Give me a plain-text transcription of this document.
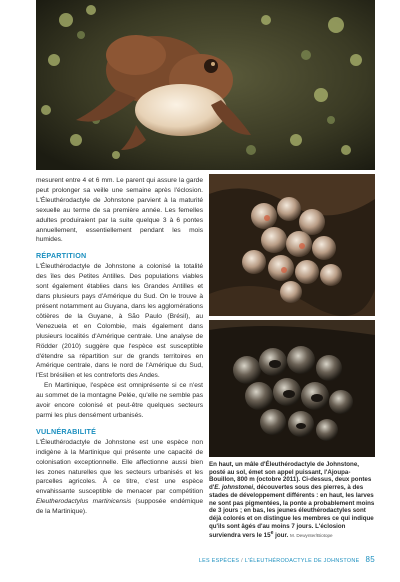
mesurent entre 4 et 6 mm. Le parent qui assure la garde peut prolonger sa veille une semaine après l'éclosion. L'Éleuthérodactyle de Johnstone parvient à la maturité sexuelle au terme de sa première année. Les femelles adultes produiraient par la suite quelque 3 à 6 pontes annuellement, essentiellement pendant les mois humides.

RÉPARTITION

L'Éleuthérodactyle de Johnstone a colonisé la totalité des îles des Petites Antilles. Des populations viables sont également établies dans les Grandes Antilles et dans plusieurs pays d'Amérique du Sud. On le trouve à présent notamment au Guyana, dans les agglomérations côtières de la Guyane, à São Paulo (Brésil), au Venezuela et en Colombie, mais également dans plusieurs localités d'Amérique centrale. Une analyse de Rödder (2010) suggère que l'espèce est susceptible d'étendre sa répartition sur de grands territoires en Amérique centrale, dans le nord de l'Amérique du Sud, l'Est brésilien et les contreforts des Andes.

En Martinique, l'espèce est omniprésente si ce n'est au sommet de la montagne Pelée, qu'elle ne semble pas avoir encore colonisé et peut-être quelques secteurs parmi les plus densément urbanisés.

VULNÉRABILITÉ

L'Éleuthérodactyle de Johnstone est une espèce non indigène à la Martinique qui présente une capacité de colonisation exceptionnelle. Elle affectionne aussi bien les zones naturelles que les secteurs urbanisés et les parcelles agricoles. À ce titre, c'est une espèce envahissante susceptible de menacer par compétition Eleutherodactylus martinicensis (supposée endémique de la Martinique).

En haut, un mâle d'Éleuthérodactyle de Johnstone, posté au sol, émet son appel puissant, l'Ajoupa-Bouillon, 800 m (octobre 2011). Ci-dessus, deux pontes d'E. johnstonei, découvertes sous des pierres, à des stades de développement différents : en haut, les larves ne sont pas pigmentées, la ponte a probablement moins de 3 jours ; en bas, les jeunes éleuthérodactyles sont déjà colorés et on distingue les membres ce qui indique qu'ils sont âgés d'au moins 7 jours. L'éclosion surviendra vers le 15e jour. M. Dewynter/Biotope
LES ESPÈCES / L'ÉLEUTHÉRODACTYLE DE JOHNSTONE 85
